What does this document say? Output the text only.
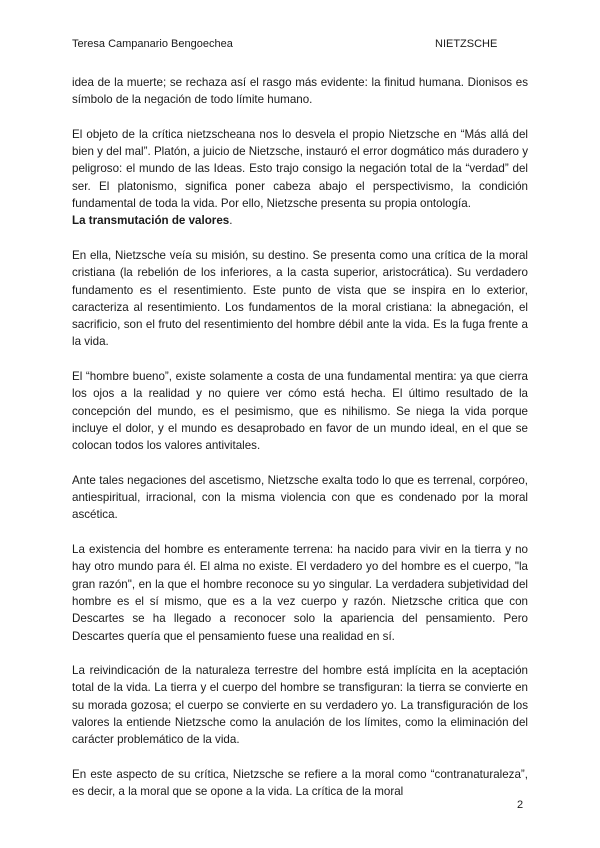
Teresa Campanario Bengoechea	NIETZSCHE

idea de la muerte; se rechaza así el rasgo más evidente: la finitud humana. Dionisos es símbolo de la negación de todo límite humano.

El objeto de la crítica nietzscheana nos lo desvela el propio Nietzsche en “Más allá del bien y del mal”. Platón, a juicio de Nietzsche, instauró el error dogmático más duradero y peligroso: el mundo de las Ideas. Esto trajo consigo la negación total de la “verdad” del ser. El platonismo, significa poner cabeza abajo el perspectivismo, la condición fundamental de toda la vida. Por ello, Nietzsche presenta su propia ontología.

La transmutación de valores.

En ella, Nietzsche veía su misión, su destino. Se presenta como una crítica de la moral cristiana (la rebelión de los inferiores, a la casta superior, aristocrática). Su verdadero fundamento es el resentimiento. Este punto de vista que se inspira en lo exterior, caracteriza al resentimiento. Los fundamentos de la moral cristiana: la abnegación, el sacrificio, son el fruto del resentimiento del hombre débil ante la vida. Es la fuga frente a la vida.

El “hombre bueno”, existe solamente a costa de una fundamental mentira: ya que cierra los ojos a la realidad y no quiere ver cómo está hecha. El último resultado de la concepción del mundo, es el pesimismo, que es nihilismo. Se niega la vida porque incluye el dolor, y el mundo es desaprobado en favor de un mundo ideal, en el que se colocan todos los valores antivitales.

Ante tales negaciones del ascetismo, Nietzsche exalta todo lo que es terrenal, corpóreo, antiespiritual, irracional, con la misma violencia con que es condenado por la moral ascética.

La existencia del hombre es enteramente terrena: ha nacido para vivir en la tierra y no hay otro mundo para él. El alma no existe. El verdadero yo del hombre es el cuerpo, "la gran razón", en la que el hombre reconoce su yo singular. La verdadera subjetividad del hombre es el sí mismo, que es a la vez cuerpo y razón. Nietzsche critica que con Descartes se ha llegado a reconocer solo la apariencia del pensamiento. Pero Descartes quería que el pensamiento fuese una realidad en sí.

La reivindicación de la naturaleza terrestre del hombre está implícita en la aceptación total de la vida. La tierra y el cuerpo del hombre se transfiguran: la tierra se convierte en su morada gozosa; el cuerpo se convierte en su verdadero yo. La transfiguración de los valores la entiende Nietzsche como la anulación de los límites, como la eliminación del carácter problemático de la vida.

En este aspecto de su crítica, Nietzsche se refiere a la moral como “contranaturaleza”, es decir, a la moral que se opone a la vida. La crítica de la moral

2
